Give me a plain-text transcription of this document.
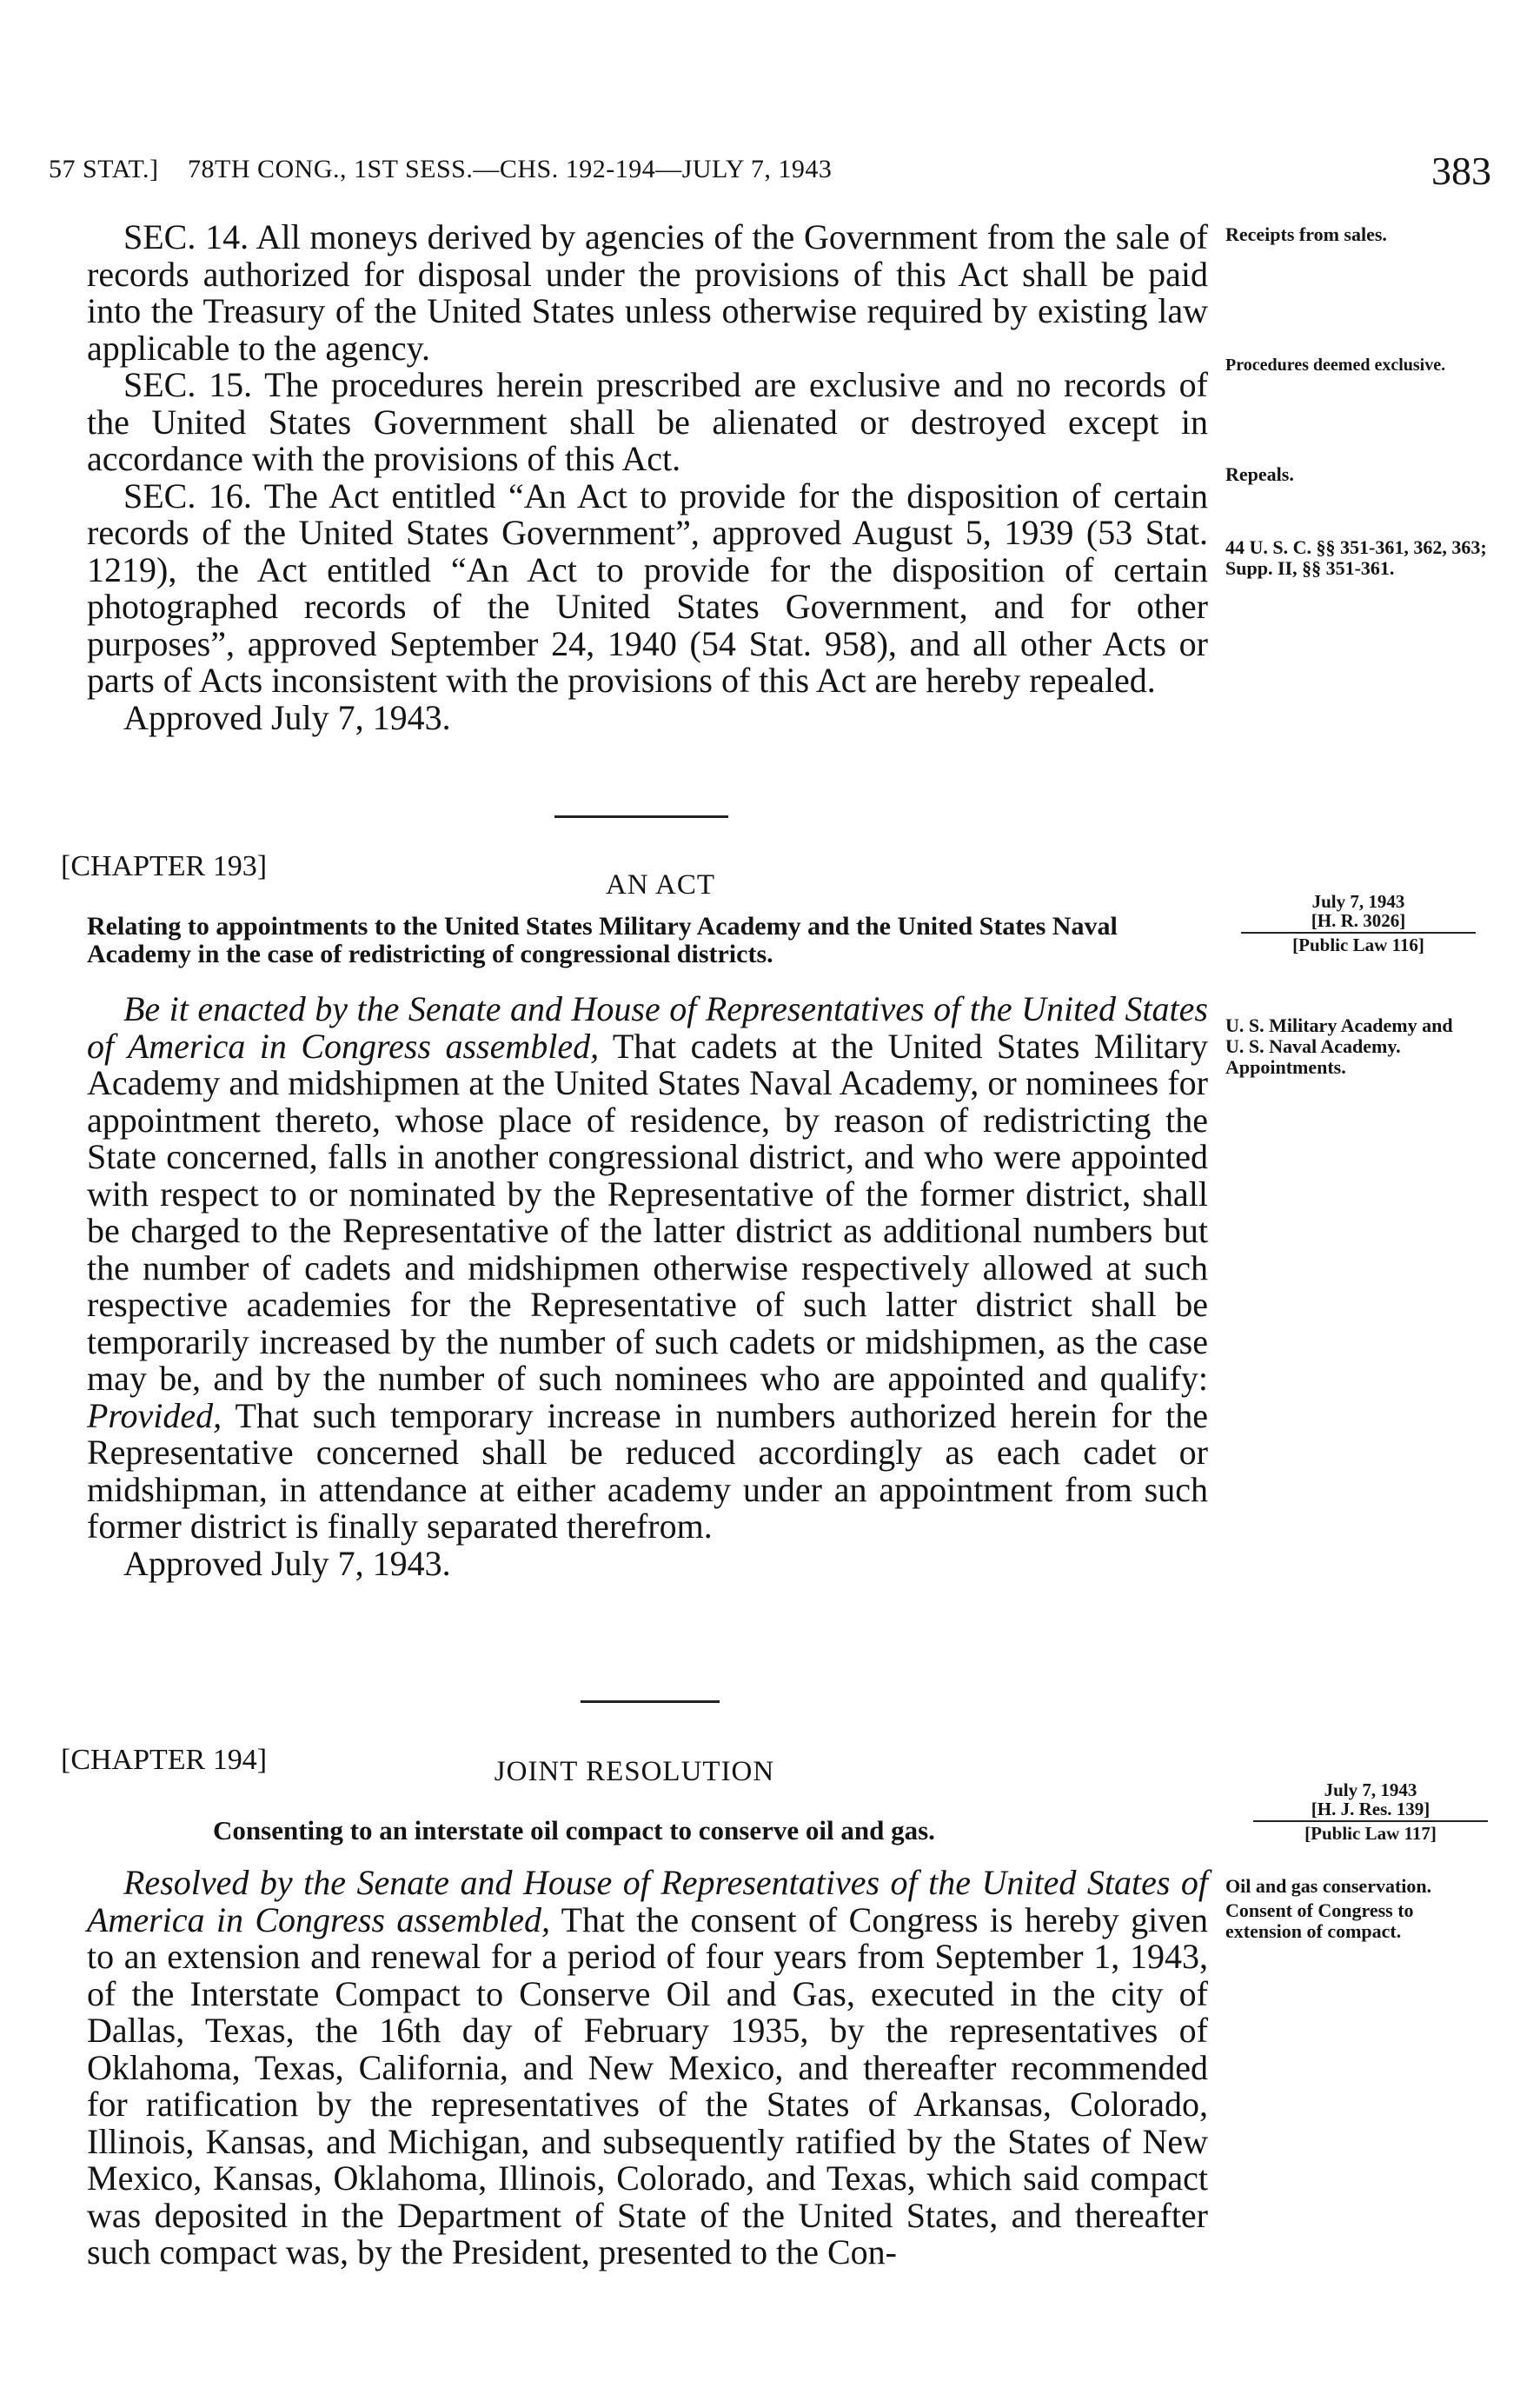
57 STAT.] 78TH CONG., 1ST SESS.—CHS. 192-194—JULY 7, 1943	383

SEC. 14. All moneys derived by agencies of the Government from the sale of records authorized for disposal under the provisions of this Act shall be paid into the Treasury of the United States unless otherwise required by existing law applicable to the agency.

SEC. 15. The procedures herein prescribed are exclusive and no records of the United States Government shall be alienated or destroyed except in accordance with the provisions of this Act.

SEC. 16. The Act entitled “An Act to provide for the disposition of certain records of the United States Government”, approved August 5, 1939 (53 Stat. 1219), the Act entitled “An Act to provide for the disposition of certain photographed records of the United States Government, and for other purposes”, approved September 24, 1940 (54 Stat. 958), and all other Acts or parts of Acts inconsistent with the provisions of this Act are hereby repealed.

Approved July 7, 1943.

Receipts from sales.
Procedures deemed exclusive.
Repeals.
44 U. S. C. §§ 351-361, 362, 363; Supp. II, §§ 351-361.
[CHAPTER 193]
AN ACT
Relating to appointments to the United States Military Academy and the United States Naval Academy in the case of redistricting of congressional districts.
July 7, 1943
[H. R. 3026]
[Public Law 116]

Be it enacted by the Senate and House of Representatives of the United States of America in Congress assembled, That cadets at the United States Military Academy and midshipmen at the United States Naval Academy, or nominees for appointment thereto, whose place of residence, by reason of redistricting the State concerned, falls in another congressional district, and who were appointed with respect to or nominated by the Representative of the former district, shall be charged to the Representative of the latter district as additional numbers but the number of cadets and midshipmen otherwise respectively allowed at such respective academies for the Representative of such latter district shall be temporarily increased by the number of such cadets or midshipmen, as the case may be, and by the number of such nominees who are appointed and qualify: Provided, That such temporary increase in numbers authorized herein for the Representative concerned shall be reduced accordingly as each cadet or midshipman, in attendance at either academy under an appointment from such former district is finally separated therefrom.

Approved July 7, 1943.

U. S. Military Academy and U. S. Naval Academy. Appointments.
[CHAPTER 194]	JOINT RESOLUTION
Consenting to an interstate oil compact to conserve oil and gas.
July 7, 1943
[H. J. Res. 139]
[Public Law 117]

Resolved by the Senate and House of Representatives of the United States of America in Congress assembled, That the consent of Congress is hereby given to an extension and renewal for a period of four years from September 1, 1943, of the Interstate Compact to Conserve Oil and Gas, executed in the city of Dallas, Texas, the 16th day of February 1935, by the representatives of Oklahoma, Texas, California, and New Mexico, and thereafter recommended for ratification by the representatives of the States of Arkansas, Colorado, Illinois, Kansas, and Michigan, and subsequently ratified by the States of New Mexico, Kansas, Oklahoma, Illinois, Colorado, and Texas, which said compact was deposited in the Department of State of the United States, and thereafter such compact was, by the President, presented to the Con-

Oil and gas conservation.
Consent of Congress to extension of compact.
